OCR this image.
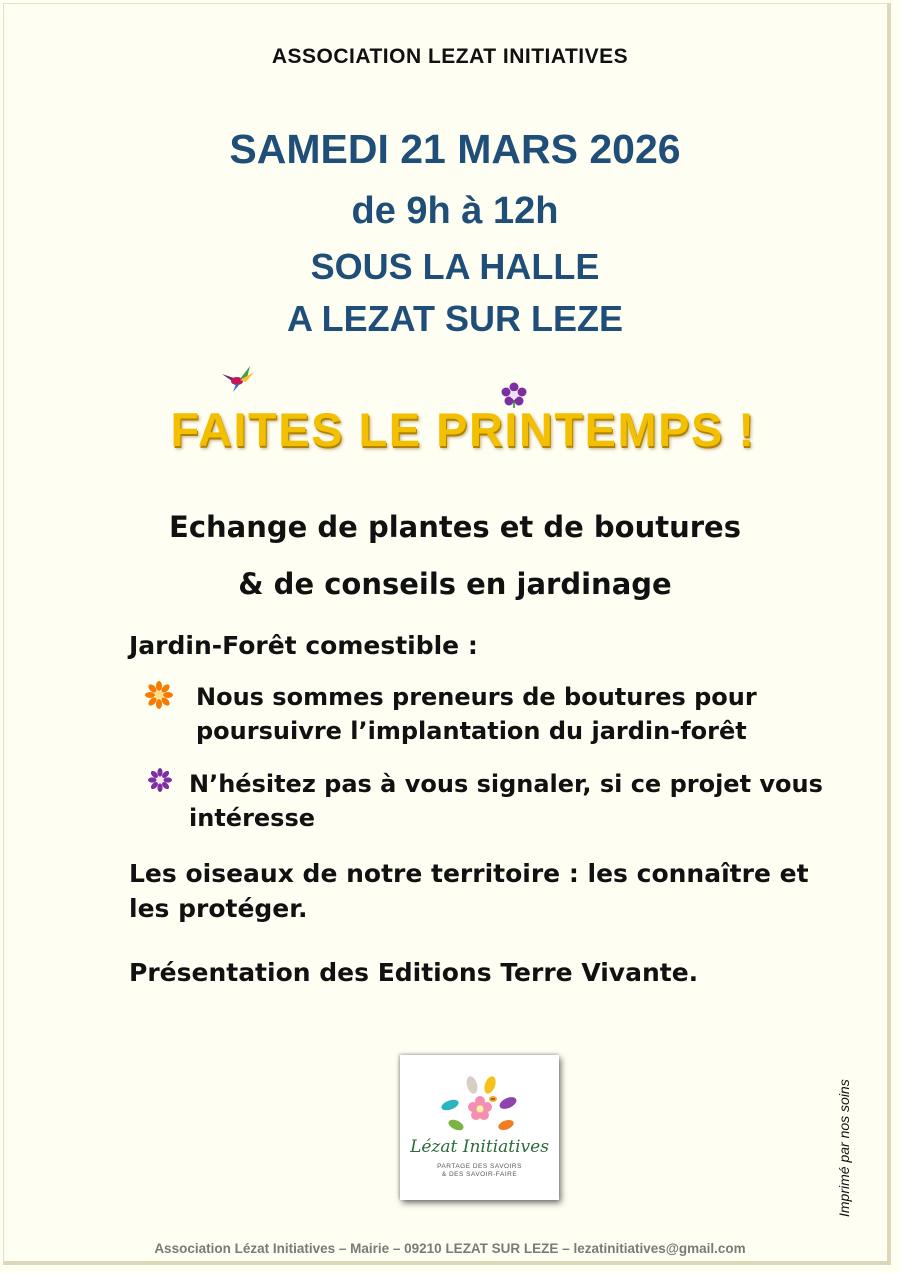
ASSOCIATION LEZAT INITIATIVES
SAMEDI 21 MARS 2026
de 9h à 12h
SOUS LA HALLE
A LEZAT SUR LEZE
FAITES LE PRINTEMPS !
Echange de plantes et de boutures
& de conseils en jardinage
Jardin-Forêt comestible :
Nous sommes preneurs de boutures pour poursuivre l’implantation du jardin-forêt
N’hésitez pas à vous signaler, si ce projet vous intéresse
Les oiseaux de notre territoire : les connaître et les protéger.
Présentation des Editions Terre Vivante.
Lézat Initiatives
PARTAGE DES SAVOIRS
& DES SAVOIR-FAIRE	Imprimé par nos soins
Association Lézat Initiatives – Mairie – 09210 LEZAT SUR LEZE – lezatinitiatives@gmail.com
